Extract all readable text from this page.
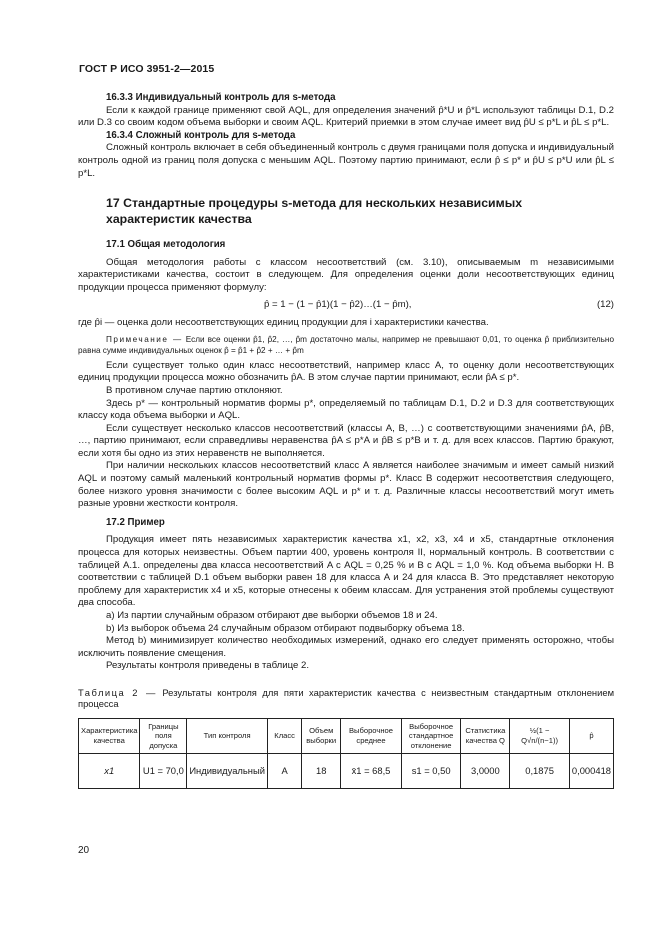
ГОСТ Р ИСО 3951-2—2015
16.3.3 Индивидуальный контроль для s-метода

Если к каждой границе применяют свой AQL, для определения значений p̂*U и p̂*L используют таблицы D.1, D.2 или D.3 со своим кодом объема выборки и своим AQL. Критерий приемки в этом случае имеет вид p̂U ≤ p*L и p̂L ≤ p*L.

16.3.4 Сложный контроль для s-метода

Сложный контроль включает в себя объединенный контроль с двумя границами поля допуска и индивидуальный контроль одной из границ поля допуска с меньшим AQL. Поэтому партию принимают, если p̂ ≤ p* и p̂U ≤ p*U или p̂L ≤ p*L.

17 Стандартные процедуры s-метода для нескольких независимых характеристик качества
17.1 Общая методология

Общая методология работы с классом несоответствий (см. 3.10), описываемым m независимыми характеристиками качества, состоит в следующем. Для определения оценки доли несоответствующих единиц продукции процесса применяют формулу:

p̂ = 1 − (1 − p̂1)(1 − p̂2)…(1 − p̂m),	(12)

где p̂i — оценка доли несоответствующих единиц продукции для i характеристики качества.

Примечание — Если все оценки p̂1, p̂2, …, p̂m достаточно малы, например не превышают 0,01, то оценка p̂ приблизительно равна сумме индивидуальных оценок p̂ = p̂1 + p̂2 + … + p̂m

Если существует только один класс несоответствий, например класс A, то оценку доли несоответствующих единиц продукции процесса можно обозначить p̂A. В этом случае партии принимают, если p̂A ≤ p*.

В противном случае партию отклоняют.

Здесь p* — контрольный норматив формы p*, определяемый по таблицам D.1, D.2 и D.3 для соответствующих классу кода объема выборки и AQL.

Если существует несколько классов несоответствий (классы A, B, …) с соответствующими значениями p̂A, p̂B, …, партию принимают, если справедливы неравенства p̂A ≤ p*A и p̂B ≤ p*B и т. д. для всех классов. Партию бракуют, если хотя бы одно из этих неравенств не выполняется.

При наличии нескольких классов несоответствий класс A является наиболее значимым и имеет самый низкий AQL и поэтому самый маленький контрольный норматив формы p*. Класс B содержит несоответствия следующего, более низкого уровня значимости с более высоким AQL и p* и т. д. Различные классы несоответствий могут иметь разные уровни жесткости контроля.

17.2 Пример

Продукция имеет пять независимых характеристик качества x1, x2, x3, x4 и x5, стандартные отклонения процесса для которых неизвестны. Объем партии 400, уровень контроля II, нормальный контроль. В соответствии с таблицей A.1. определены два класса несоответствий A с AQL = 0,25 % и B с AQL = 1,0 %. Код объема выборки H. В соответствии с таблицей D.1 объем выборки равен 18 для класса A и 24 для класса B. Это представляет некоторую проблему для характеристик x4 и x5, которые отнесены к обеим классам. Для устранения этой проблемы существуют два способа.

a) Из партии случайным образом отбирают две выборки объемов 18 и 24.

b) Из выборок объема 24 случайным образом отбирают подвыборку объема 18.

Метод b) минимизирует количество необходимых измерений, однако его следует применять осторожно, чтобы исключить появление смещения.

Результаты контроля приведены в таблице 2.

Таблица 2 — Результаты контроля для пяти характеристик качества с неизвестным стандартным отклонением процесса

Характеристика качества	Границы поля допуска	Тип контроля	Класс	Объем выборки	Выборочное среднее	Выборочное стандартное отклонение	Статистика качества Q	½(1 − Q√n/(n−1))	p̂
x1	U1 = 70,0	Индивидуальный	A	18	x̄1 = 68,5	s1 = 0,50	3,0000	0,1875	0,000418
20
